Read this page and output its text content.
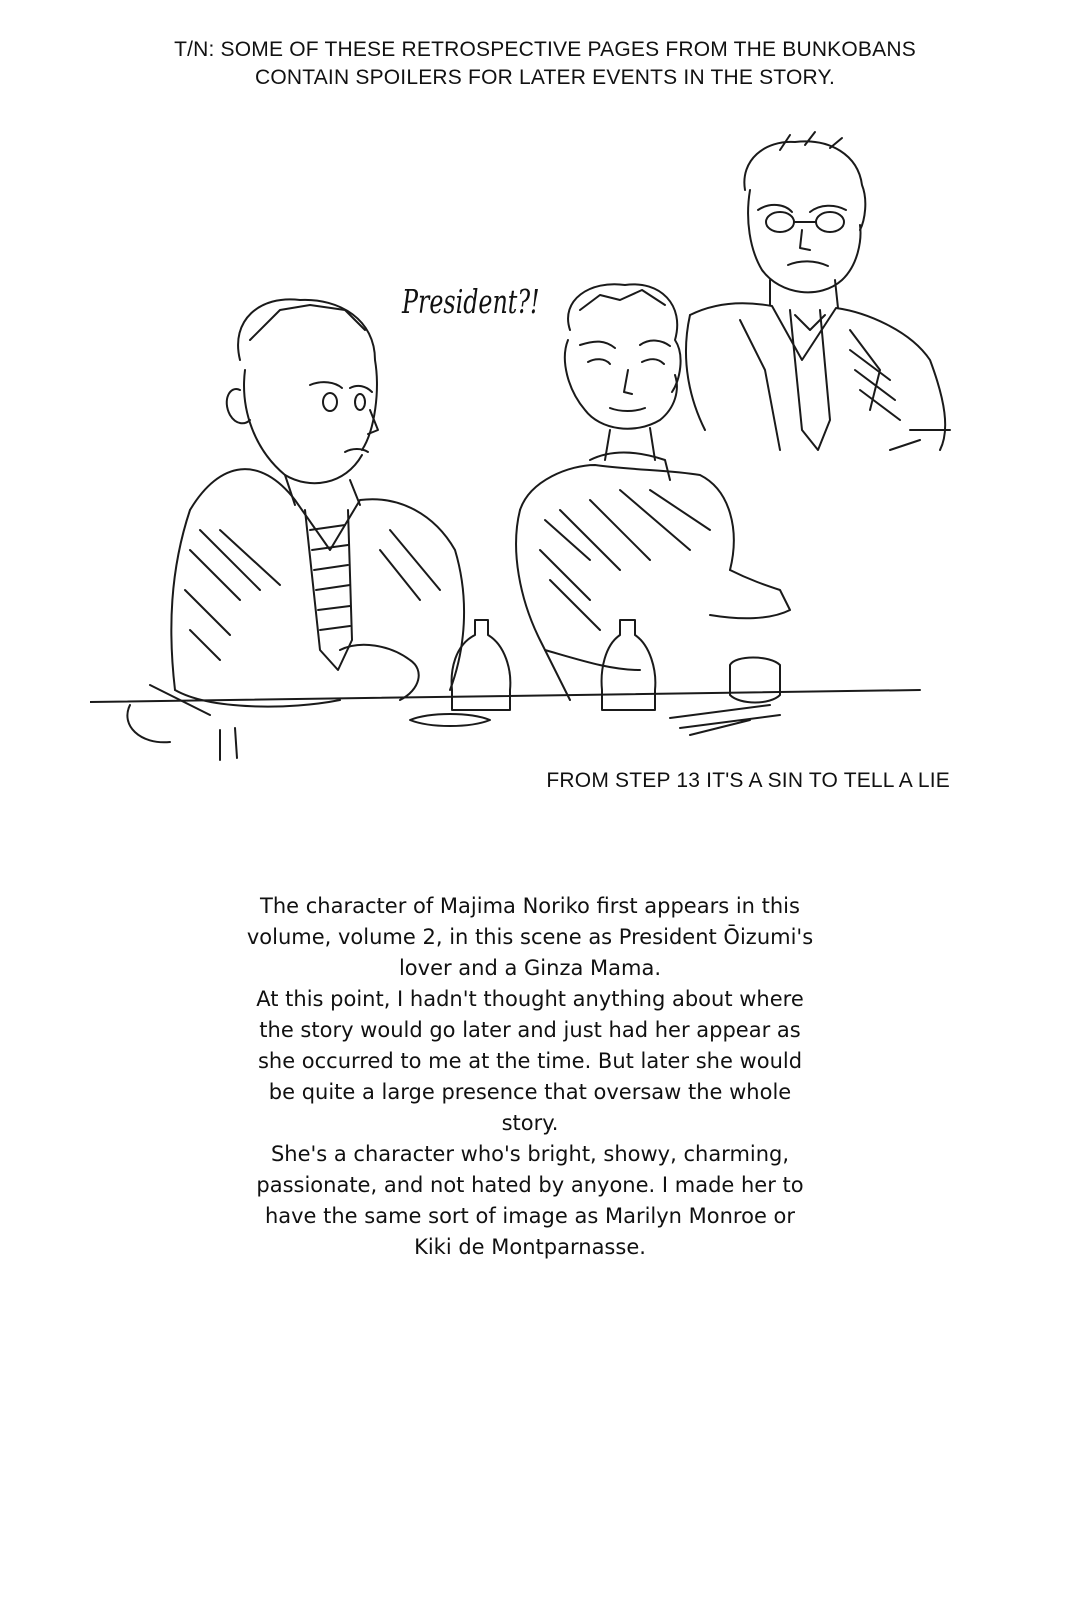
T/N: SOME OF THESE RETROSPECTIVE PAGES FROM THE BUNKOBANS
CONTAIN SPOILERS FOR LATER EVENTS IN THE STORY.
President?!
FROM STEP 13 IT'S A SIN TO TELL A LIE
The character of Majima Noriko first appears in this
volume, volume 2, in this scene as President Ōizumi's
lover and a Ginza Mama.
At this point, I hadn't thought anything about where
the story would go later and just had her appear as
she occurred to me at the time. But later she would
be quite a large presence that oversaw the whole
story.
She's a character who's bright, showy, charming,
passionate, and not hated by anyone. I made her to
have the same sort of image as Marilyn Monroe or
Kiki de Montparnasse.
